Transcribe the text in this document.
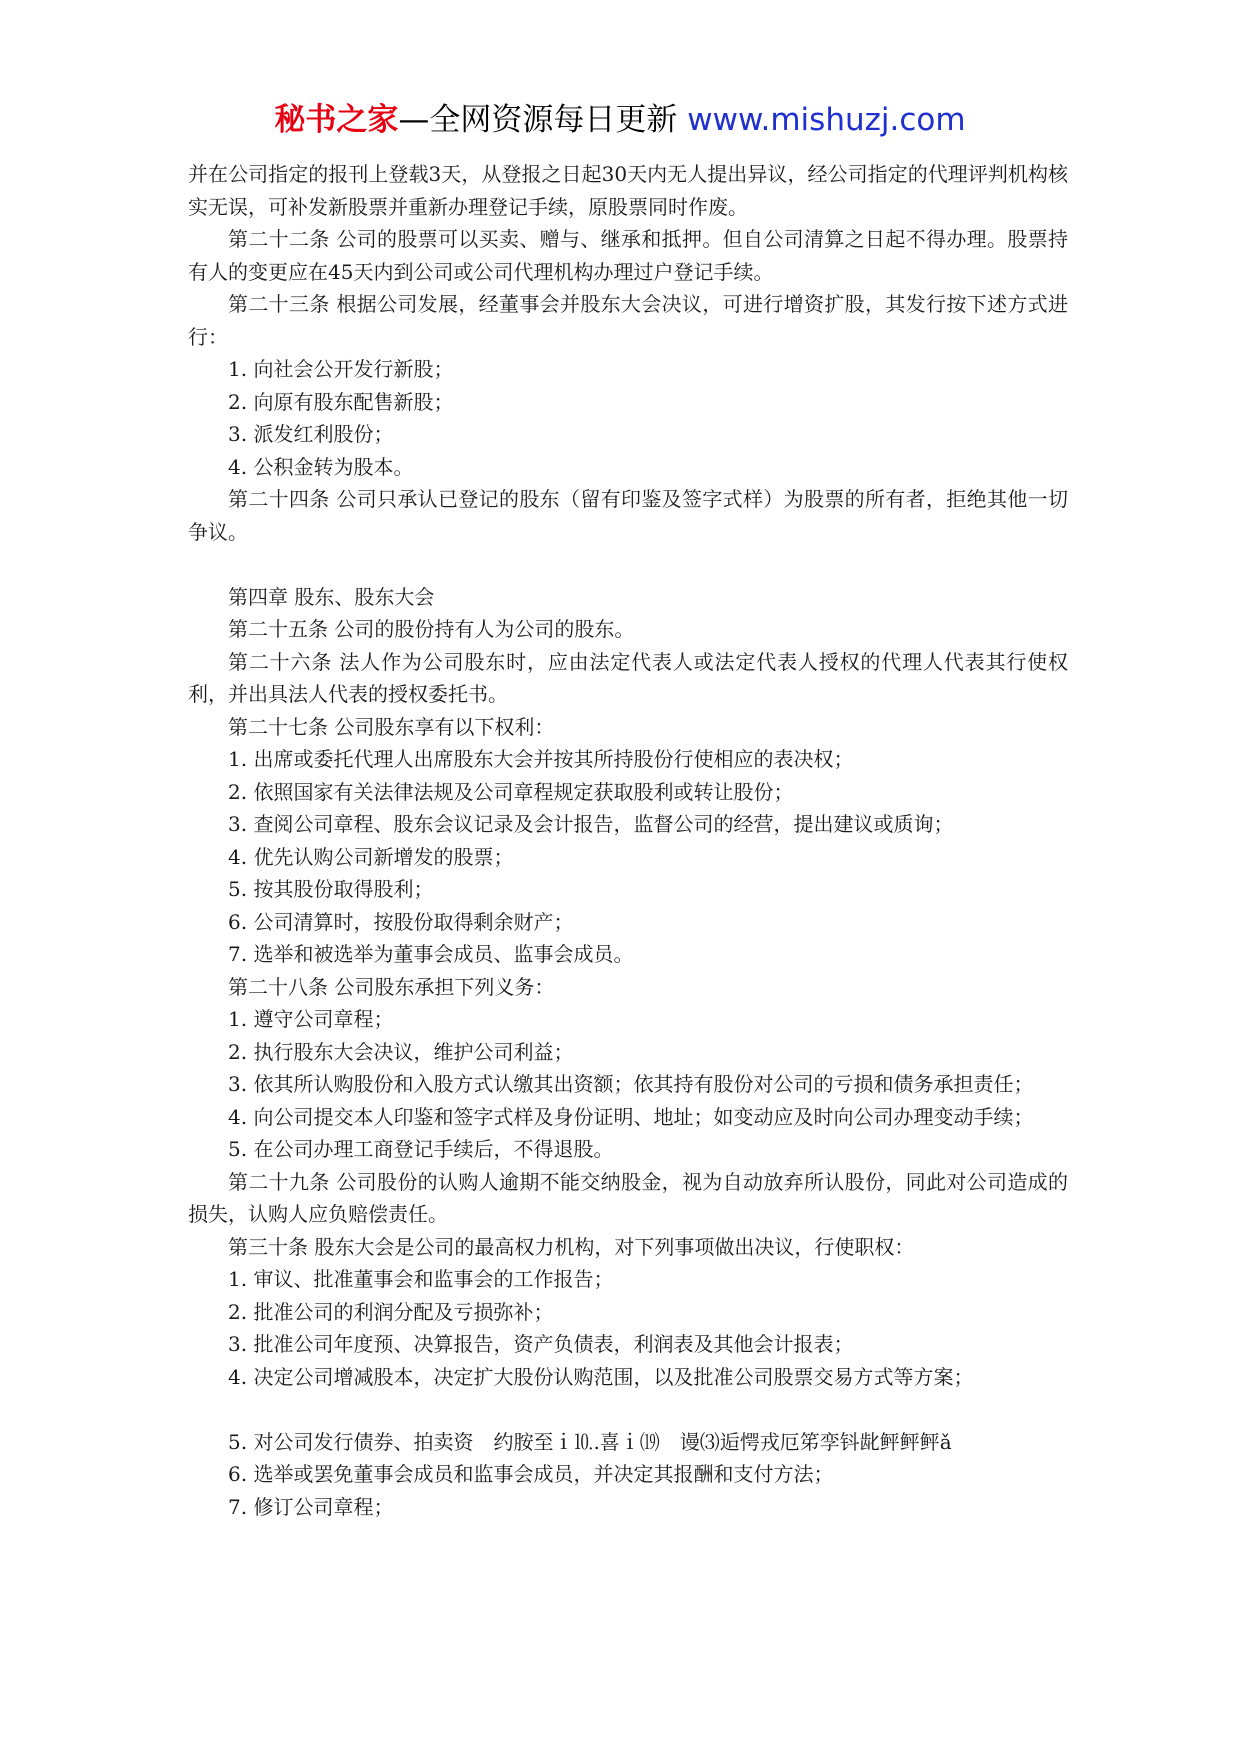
秘书之家—全网资源每日更新 www.mishuzj.com

并在公司指定的报刊上登载3天，从登报之日起30天内无人提出异议，经公司指定的代理评判机构核实无误，可补发新股票并重新办理登记手续，原股票同时作废。

第二十二条 公司的股票可以买卖、赠与、继承和抵押。但自公司清算之日起不得办理。股票持有人的变更应在45天内到公司或公司代理机构办理过户登记手续。

第二十三条 根据公司发展，经董事会并股东大会决议，可进行增资扩股，其发行按下述方式进行：

1. 向社会公开发行新股；

2. 向原有股东配售新股；

3. 派发红利股份；

4. 公积金转为股本。

第二十四条 公司只承认已登记的股东（留有印鉴及签字式样）为股票的所有者，拒绝其他一切争议。

第四章 股东、股东大会

第二十五条 公司的股份持有人为公司的股东。

第二十六条 法人作为公司股东时，应由法定代表人或法定代表人授权的代理人代表其行使权利，并出具法人代表的授权委托书。

第二十七条 公司股东享有以下权利：

1. 出席或委托代理人出席股东大会并按其所持股份行使相应的表决权；

2. 依照国家有关法律法规及公司章程规定获取股利或转让股份；

3. 查阅公司章程、股东会议记录及会计报告，监督公司的经营，提出建议或质询；

4. 优先认购公司新增发的股票；

5. 按其股份取得股利；

6. 公司清算时，按股份取得剩余财产；

7. 选举和被选举为董事会成员、监事会成员。

第二十八条 公司股东承担下列义务：

1. 遵守公司章程；

2. 执行股东大会决议，维护公司利益；

3. 依其所认购股份和入股方式认缴其出资额；依其持有股份对公司的亏损和债务承担责任；

4. 向公司提交本人印鉴和签字式样及身份证明、地址；如变动应及时向公司办理变动手续；

5. 在公司办理工商登记手续后，不得退股。

第二十九条 公司股份的认购人逾期不能交纳股金，视为自动放弃所认股份，同此对公司造成的损失，认购人应负赔偿责任。

第三十条 股东大会是公司的最高权力机构，对下列事项做出决议，行使职权：

1. 审议、批准董事会和监事会的工作报告；

2. 批准公司的利润分配及亏损弥补；

3. 批准公司年度预、决算报告，资产负债表，利润表及其他会计报表；

4. 决定公司增减股本，决定扩大股份认购范围，以及批准公司股票交易方式等方案；

5. 对公司发行债券、拍卖资　约胺至ｉ⒑.喜ｉ⒆　谩⑶逅愕戎厄笫孪钭龀鲆鲆鲆ǎ

6. 选举或罢免董事会成员和监事会成员，并决定其报酬和支付方法；

7. 修订公司章程；
